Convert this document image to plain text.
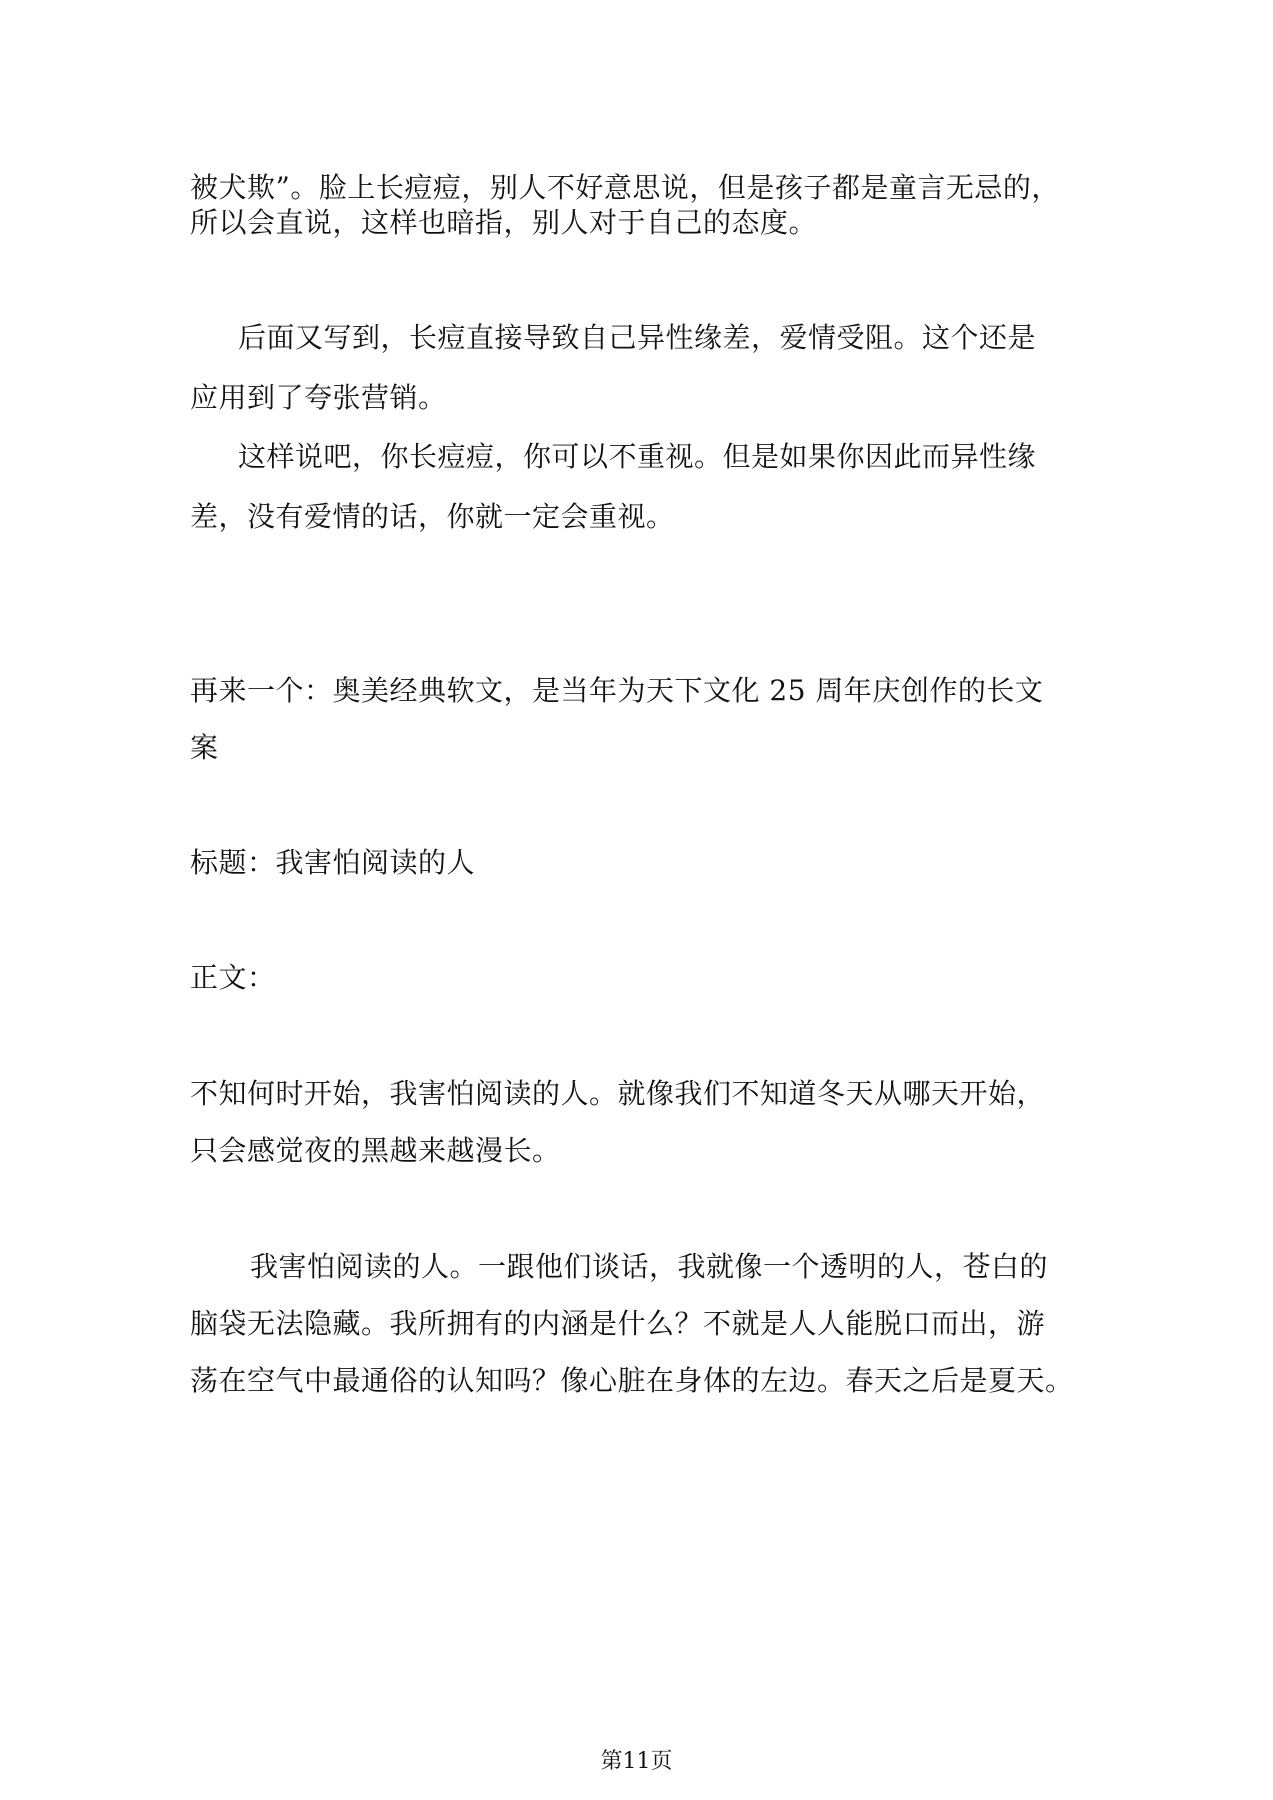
被犬欺”。脸上长痘痘，别人不好意思说，但是孩子都是童言无忌的，
所以会直说，这样也暗指，别人对于自己的态度。
后面又写到，长痘直接导致自己异性缘差，爱情受阻。这个还是
应用到了夸张营销。
这样说吧，你长痘痘，你可以不重视。但是如果你因此而异性缘
差，没有爱情的话，你就一定会重视。
再来一个：奥美经典软文，是当年为天下文化 25 周年庆创作的长文
案
标题：我害怕阅读的人
正文：
不知何时开始，我害怕阅读的人。就像我们不知道冬天从哪天开始，
只会感觉夜的黑越来越漫长。
我害怕阅读的人。一跟他们谈话，我就像一个透明的人，苍白的
脑袋无法隐藏。我所拥有的内涵是什么？不就是人人能脱口而出，游
荡在空气中最通俗的认知吗？像心脏在身体的左边。春天之后是夏天。
第11页
